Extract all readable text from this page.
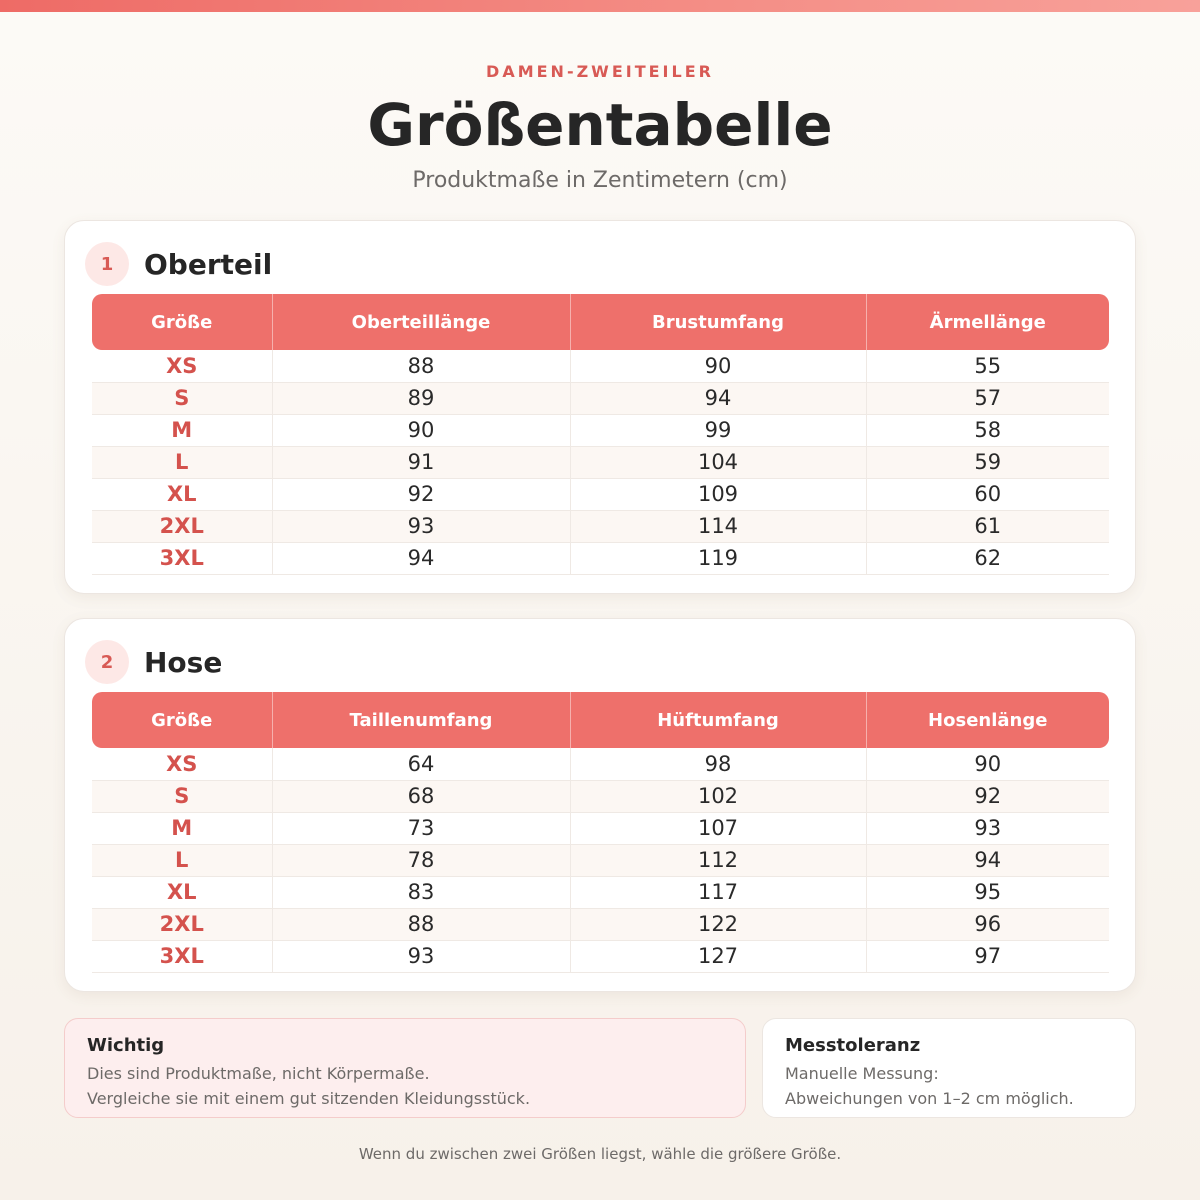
DAMEN-ZWEITEILER
Größentabelle
Produktmaße in Zentimetern (cm)
1	Oberteil
Größe	Oberteillänge	Brustumfang	Ärmellänge
XS	88	90	55
S	89	94	57
M	90	99	58
L	91	104	59
XL	92	109	60
2XL	93	114	61
3XL	94	119	62
2	Hose
Größe	Taillenumfang	Hüftumfang	Hosenlänge
XS	64	98	90
S	68	102	92
M	73	107	93
L	78	112	94
XL	83	117	95
2XL	88	122	96
3XL	93	127	97
Wichtig
Dies sind Produktmaße, nicht Körpermaße.
Vergleiche sie mit einem gut sitzenden Kleidungsstück.
Messtoleranz
Manuelle Messung:
Abweichungen von 1–2 cm möglich.
Wenn du zwischen zwei Größen liegst, wähle die größere Größe.
